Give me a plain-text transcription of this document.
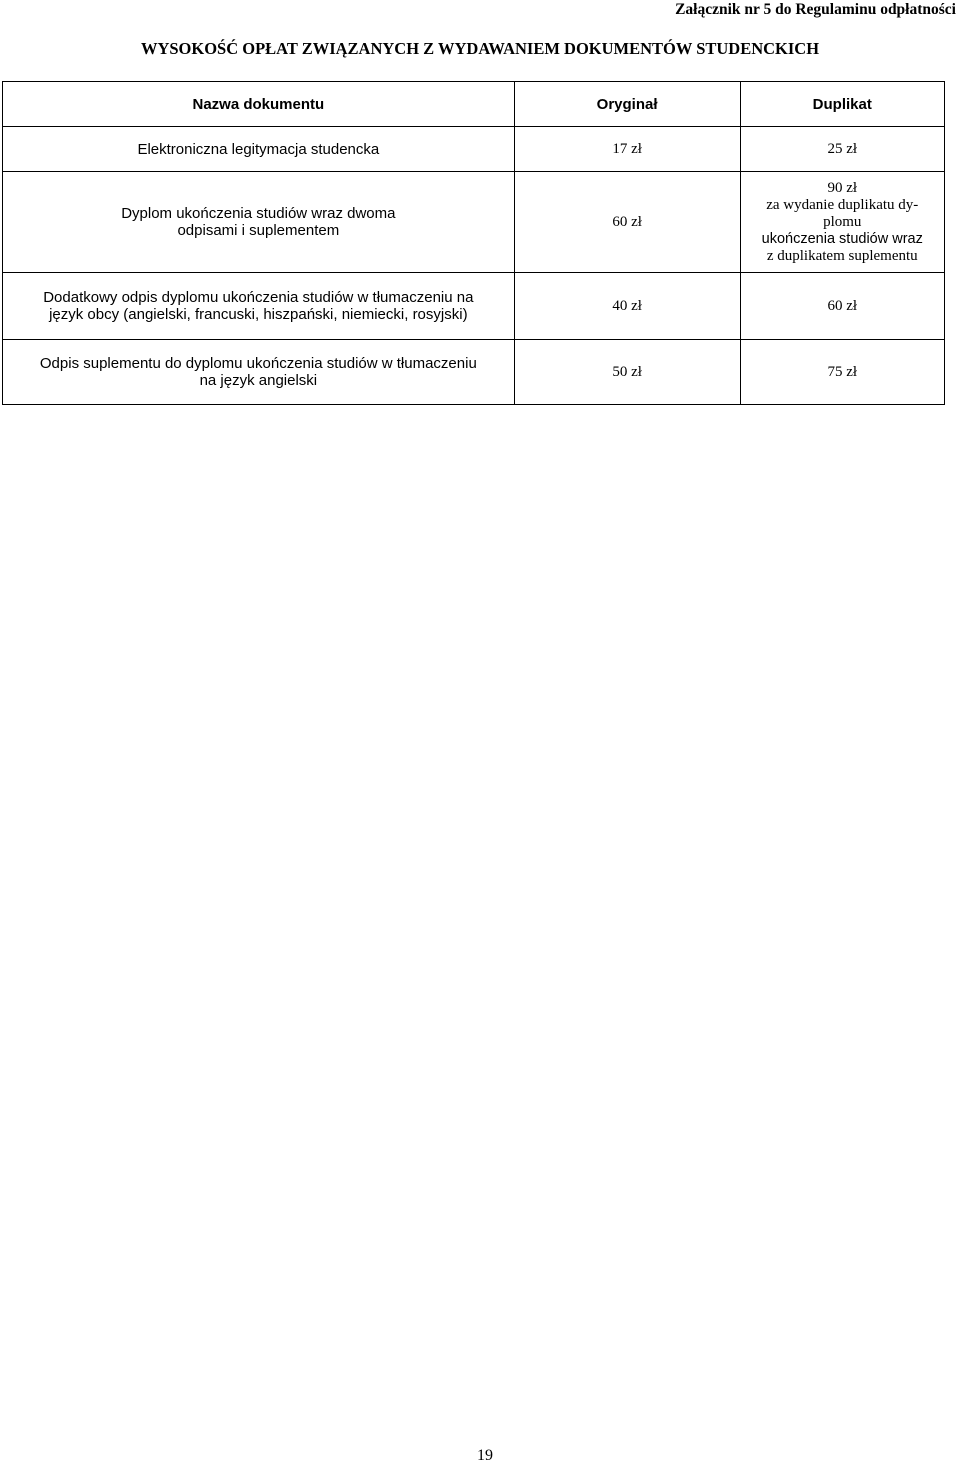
Załącznik nr 5 do Regulaminu odpłatności
WYSOKOŚĆ OPŁAT ZWIĄZANYCH Z WYDAWANIEM DOKUMENTÓW STUDENCKICH
Nazwa dokumentu	Oryginał	Duplikat

Elektroniczna legitymacja studencka	17 zł	25 zł

Dyplom ukończenia studiów wraz dwoma
odpisami i suplementem	60 zł	90 zł
za wydanie duplikatu dy-
plomu
ukończenia studiów wraz
z duplikatem suplementu

Dodatkowy odpis dyplomu ukończenia studiów w tłumaczeniu na
język obcy (angielski, francuski, hiszpański, niemiecki, rosyjski)	40 zł	60 zł

Odpis suplementu do dyplomu ukończenia studiów w tłumaczeniu
na język angielski	50 zł	75 zł
19
